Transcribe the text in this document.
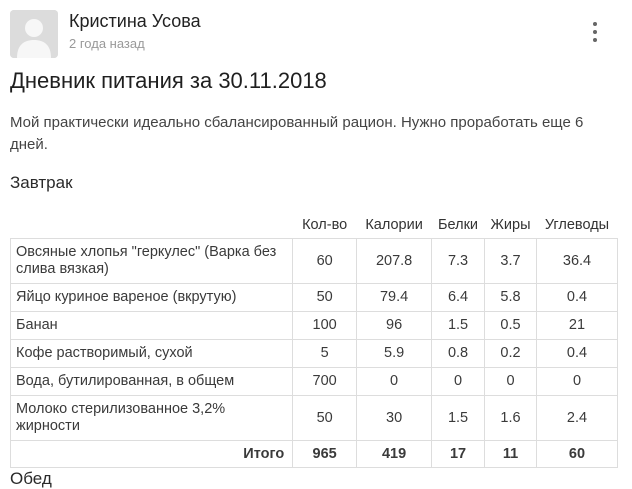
Кристина Усова
2 года назад
Дневник питания за 30.11.2018

Мой практически идеально сбалансированный рацион. Нужно проработать еще 6 дней.

Завтрак
	Кол-во	Калории	Белки	Жиры	Углеводы
Овсяные хлопья "геркулес" (Варка без слива вязкая)	60	207.8	7.3	3.7	36.4
Яйцо куриное вареное (вкрутую)	50	79.4	6.4	5.8	0.4
Банан	100	96	1.5	0.5	21
Кофе растворимый, сухой	5	5.9	0.8	0.2	0.4
Вода, бутилированная, в общем	700	0	0	0	0
Молоко стерилизованное 3,2% жирности	50	30	1.5	1.6	2.4
Итого	965	419	17	11	60
Обед
